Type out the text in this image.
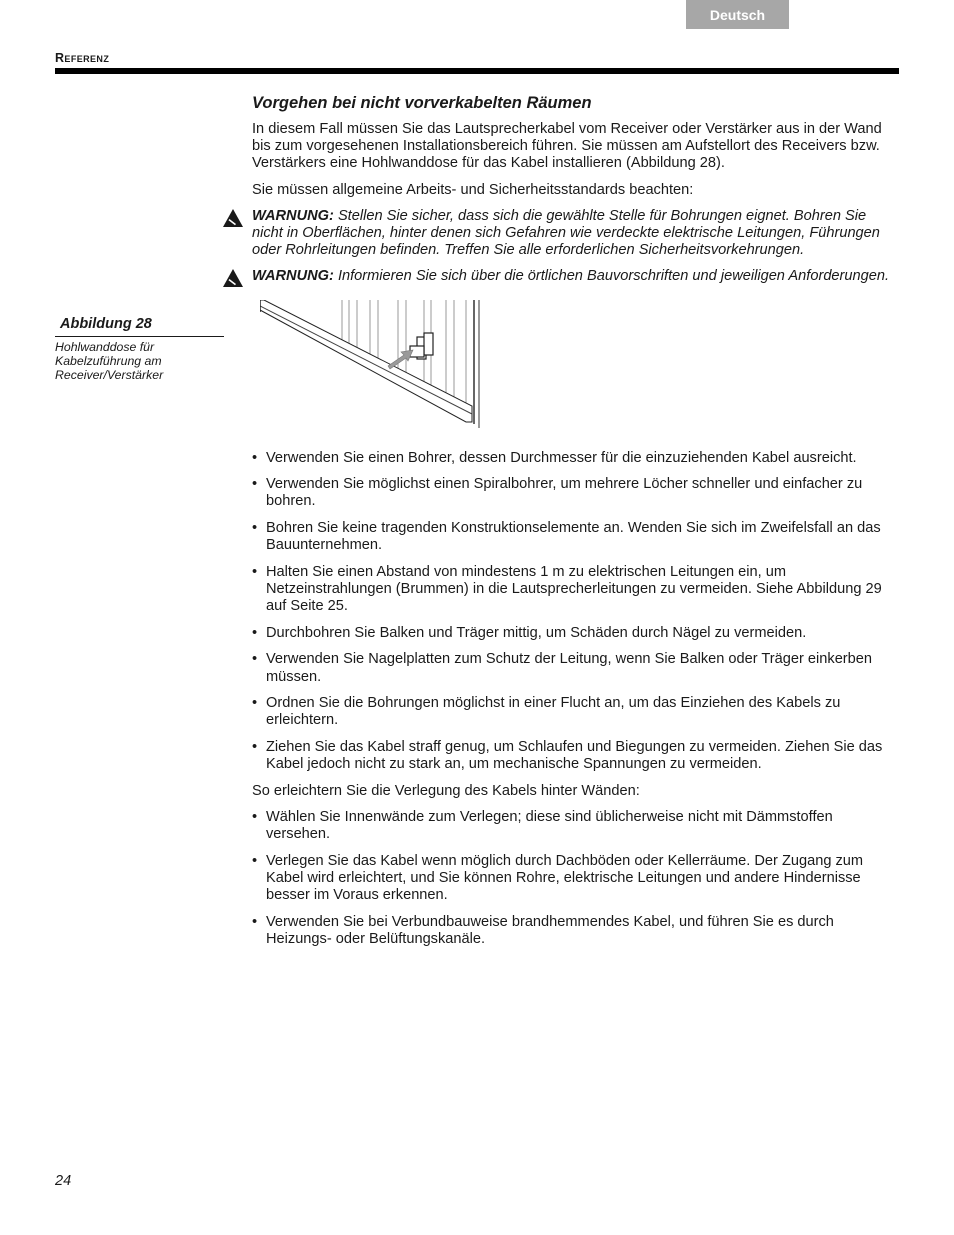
Deutsch
Referenz
Abbildung 28
Hohlwanddose für Kabelzuführung am Receiver/Verstärker
Vorgehen bei nicht vorverkabelten Räumen

In diesem Fall müssen Sie das Lautsprecherkabel vom Receiver oder Verstärker aus in der Wand bis zum vorgesehenen Installationsbereich führen. Sie müssen am Aufstellort des Receivers bzw. Verstärkers eine Hohlwanddose für das Kabel installieren (Abbildung 28).

Sie müssen allgemeine Arbeits- und Sicherheitsstandards beachten:

WARNUNG: Stellen Sie sicher, dass sich die gewählte Stelle für Bohrungen eignet. Bohren Sie nicht in Oberflächen, hinter denen sich Gefahren wie verdeckte elektrische Leitungen, Führungen oder Rohrleitungen befinden. Treffen Sie alle erforderlichen Sicherheitsvorkehrungen.
WARNUNG: Informieren Sie sich über die örtlichen Bauvorschriften und jeweiligen Anforderungen.
• Verwenden Sie einen Bohrer, dessen Durchmesser für die einzuziehenden Kabel ausreicht.
• Verwenden Sie möglichst einen Spiralbohrer, um mehrere Löcher schneller und einfacher zu bohren.
• Bohren Sie keine tragenden Konstruktionselemente an. Wenden Sie sich im Zweifelsfall an das Bauunternehmen.
• Halten Sie einen Abstand von mindestens 1 m zu elektrischen Leitungen ein, um Netzeinstrahlungen (Brummen) in die Lautsprecherleitungen zu vermeiden. Siehe Abbildung 29 auf Seite 25.
• Durchbohren Sie Balken und Träger mittig, um Schäden durch Nägel zu vermeiden.
• Verwenden Sie Nagelplatten zum Schutz der Leitung, wenn Sie Balken oder Träger einkerben müssen.
• Ordnen Sie die Bohrungen möglichst in einer Flucht an, um das Einziehen des Kabels zu erleichtern.
• Ziehen Sie das Kabel straff genug, um Schlaufen und Biegungen zu vermeiden. Ziehen Sie das Kabel jedoch nicht zu stark an, um mechanische Spannungen zu vermeiden.

So erleichtern Sie die Verlegung des Kabels hinter Wänden:

• Wählen Sie Innenwände zum Verlegen; diese sind üblicherweise nicht mit Dämmstoffen versehen.
• Verlegen Sie das Kabel wenn möglich durch Dachböden oder Kellerräume. Der Zugang zum Kabel wird erleichtert, und Sie können Rohre, elektrische Leitungen und andere Hindernisse besser im Voraus erkennen.
• Verwenden Sie bei Verbundbauweise brandhemmendes Kabel, und führen Sie es durch Heizungs- oder Belüftungskanäle.
24
